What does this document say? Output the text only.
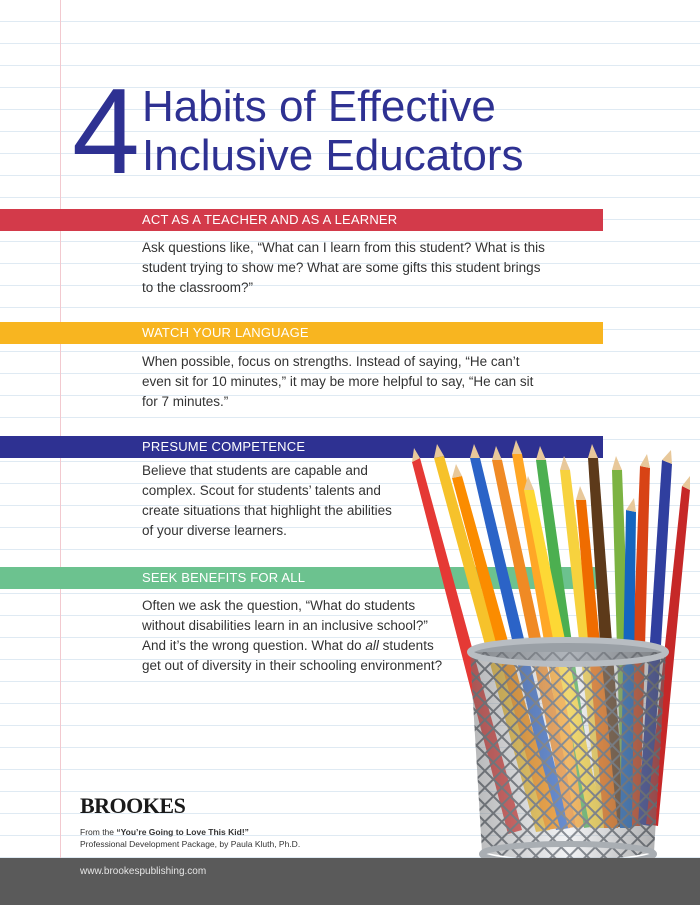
4 Habits of Effective
Inclusive Educators
ACT AS A TEACHER AND AS A LEARNER
Ask questions like, “What can I learn from this student? What is this
student trying to show me? What are some gifts this student brings
to the classroom?”
WATCH YOUR LANGUAGE
When possible, focus on strengths. Instead of saying, “He can’t
even sit for 10 minutes,” it may be more helpful to say, “He can sit
for 7 minutes.”
PRESUME COMPETENCE
Believe that students are capable and
complex. Scout for students’ talents and
create situations that highlight the abilities
of your diverse learners.
SEEK BENEFITS FOR ALL
Often we ask the question, “What do students
without disabilities learn in an inclusive school?”
And it’s the wrong question. What do all students
get out of diversity in their schooling environment?
BROOKES
From the “You’re Going to Love This Kid!”
Professional Development Package, by Paula Kluth, Ph.D.
www.brookespublishing.com
